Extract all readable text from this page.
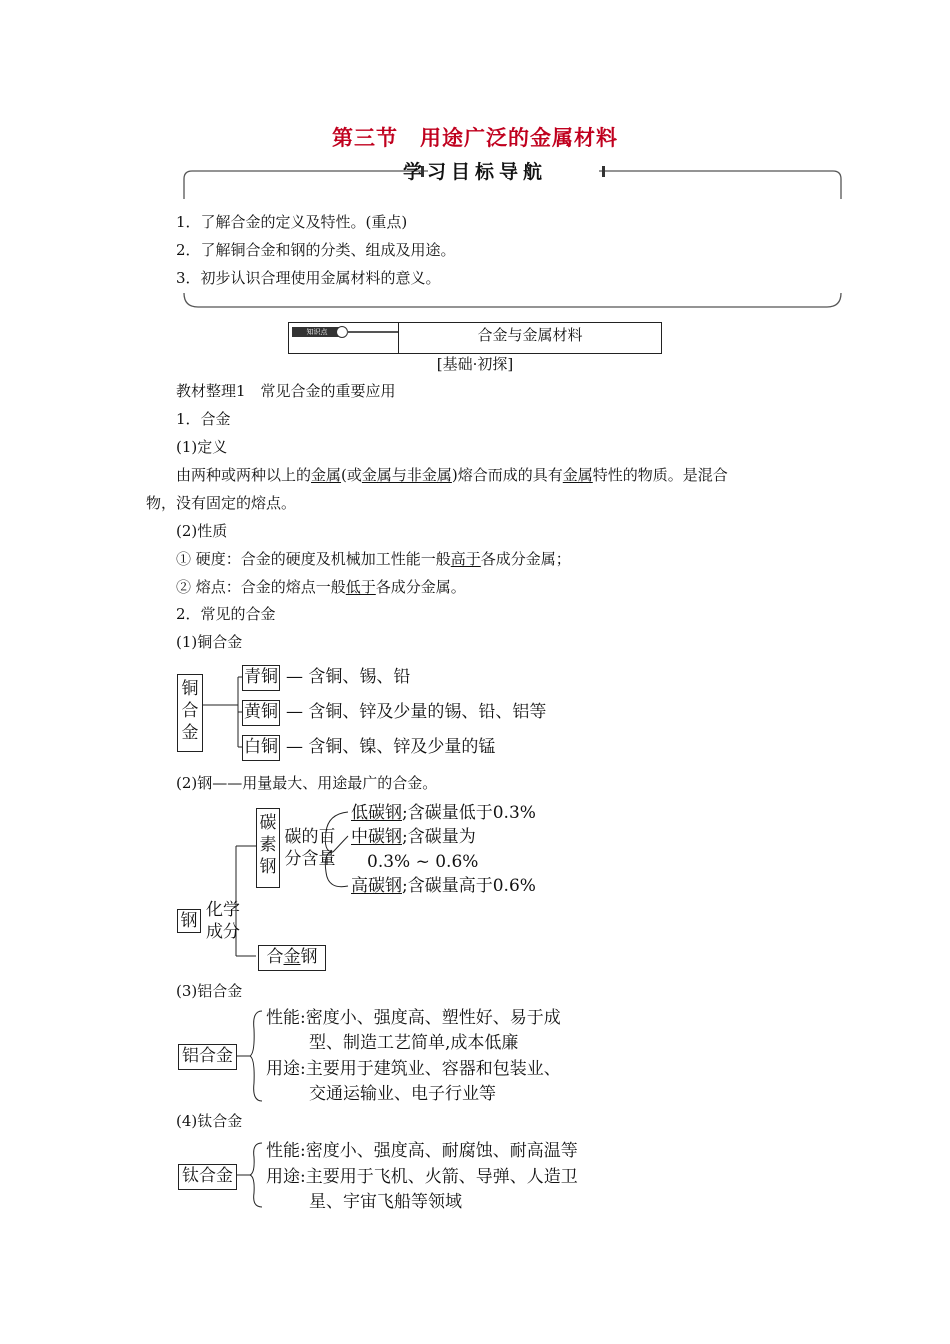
第三节　用途广泛的金属材料
学习目标导航
1．了解合金的定义及特性。(重点)
2．了解铜合金和钢的分类、组成及用途。
3．初步认识合理使用金属材料的意义。
知识点	合金与金属材料
[基础·初探]
教材整理1　常见合金的重要应用
1．合金
(1)定义
由两种或两种以上的金属(或金属与非金属)熔合而成的具有金属特性的物质。是混合
物，没有固定的熔点。
(2)性质
① 硬度：合金的硬度及机械加工性能一般高于各成分金属；
② 熔点：合金的熔点一般低于各成分金属。
2．常见的合金
(1)铜合金
铜
合
金
青铜 — 含铜、锡、铅
黄铜 — 含铜、锌及少量的锡、铅、铝等
白铜 — 含铜、镍、锌及少量的锰
(2)钢——用量最大、用途最广的合金。
钢
化学
成分
碳
素
钢
碳的百
分含量
低碳钢;含碳量低于0.3%
中碳钢;含碳量为
0.3% ~ 0.6%
高碳钢;含碳量高于0.6%
合金钢
(3)铝合金
铝合金
性能 :密度小、强度高、塑性好、易于成
型、制造工艺简单,成本低廉
用途 :主要用于建筑业、容器和包装业、
交通运输业、电子行业等
(4)钛合金
钛合金
性能 :密度小、强度高、耐腐蚀、耐高温等
用途 :主要用于飞机、火箭、导弹、人造卫
星、宇宙飞船等领域
